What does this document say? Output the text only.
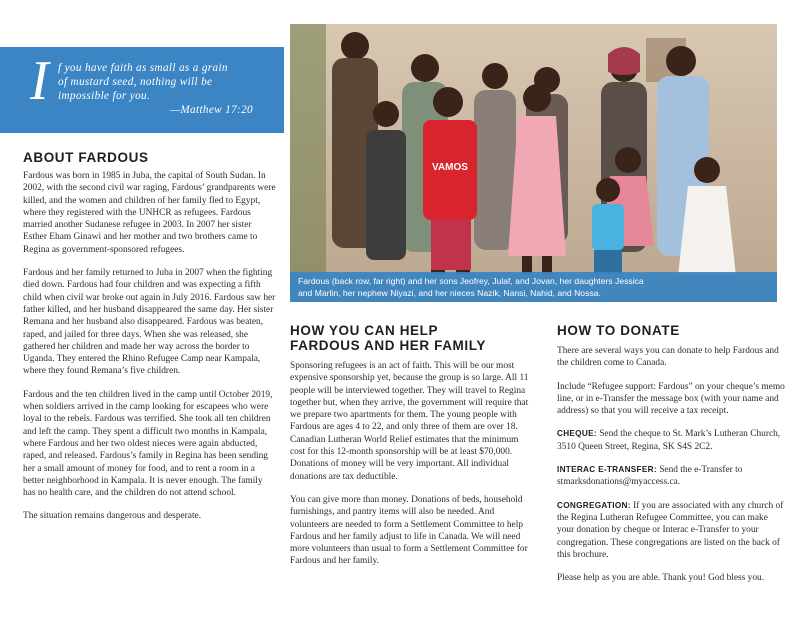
I f you have faith as small as a grain
of mustard seed, nothing will be
impossible for you.
—Matthew 17:20
ABOUT FARDOUS

Fardous was born in 1985 in Juba, the capital of South Sudan. In 2002, with the second civil war raging, Fardous’ grandparents were killed, and the women and children of her family fled to Egypt, where they registered with the UNHCR as refugees. Fardous married another Sudanese refugee in 2003. In 2007 her sister Esther Eham Ginawi and her mother and two brothers came to Regina as government-sponsored refugees.

Fardous and her family returned to Juba in 2007 when the fighting died down. Fardous had four children and was expecting a fifth child when civil war broke out again in July 2016. Fardous saw her father killed, and her husband disappeared the same day. Her sister Remana and her husband also disappeared. Fardous was beaten, raped, and jailed for three days. When she was released, she gathered her children and made her way across the border to Uganda. They entered the Rhino Refugee Camp near Kampala, where they found Remana’s five children.

Fardous and the ten children lived in the camp until October 2019, when soldiers arrived in the camp looking for escapees who were loyal to the rebels. Fardous was terrified. She took all ten children and left the camp. They spent a difficult two months in Kampala, where Fardous and her two oldest nieces were again abducted, raped, and released. Fardous’s family in Regina has been sending her a small amount of money for food, and to rent a room in a better neighborhood in Kampala. It is never enough. The family has no health care, and the children do not attend school.

The situation remains dangerous and desperate.

VAMOS
Fardous (back row, far right) and her sons Jeofrey, Julaf, and Jovan, her daughters Jessica
and Marlin, her nephew Niyazi, and her nieces Nazik, Nansi, Nahid, and Nossa.
HOW YOU CAN HELP
FARDOUS AND HER FAMILY

Sponsoring refugees is an act of faith. This will be our most expensive sponsorship yet, because the group is so large. All 11 people will be interviewed together. They will travel to Regina together but, when they arrive, the government will require that we prepare two apartments for them. The young people with Fardous are ages 4 to 22, and only three of them are over 18. Canadian Lutheran World Relief estimates that the minimum cost for this 12-month sponsorship will be at least $70,000. Donations of money will be very important. All individual donations are tax deductible.

You can give more than money. Donations of beds, household furnishings, and pantry items will also be needed. And volunteers are needed to form a Settlement Committee to help Fardous and her family adjust to life in Canada. We will need more volunteers than usual to form a Settlement Committee for Fardous and her family.

HOW TO DONATE

There are several ways you can donate to help Fardous and the children come to Canada.

Include “Refugee support: Fardous” on your cheque’s memo line, or in e-Transfer the message box (with your name and address) so that you will receive a tax receipt.

CHEQUE: Send the cheque to St. Mark’s Lutheran Church, 3510 Queen Street, Regina, SK S4S 2C2.

INTERAC E-TRANSFER: Send the e-Transfer to stmarksdonations@myaccess.ca.

CONGREGATION: If you are associated with any church of the Regina Lutheran Refugee Committee, you can make your donation by cheque or Interac e-Transfer to your congregation. These congregations are listed on the back of this brochure.

Please help as you are able. Thank you! God bless you.
